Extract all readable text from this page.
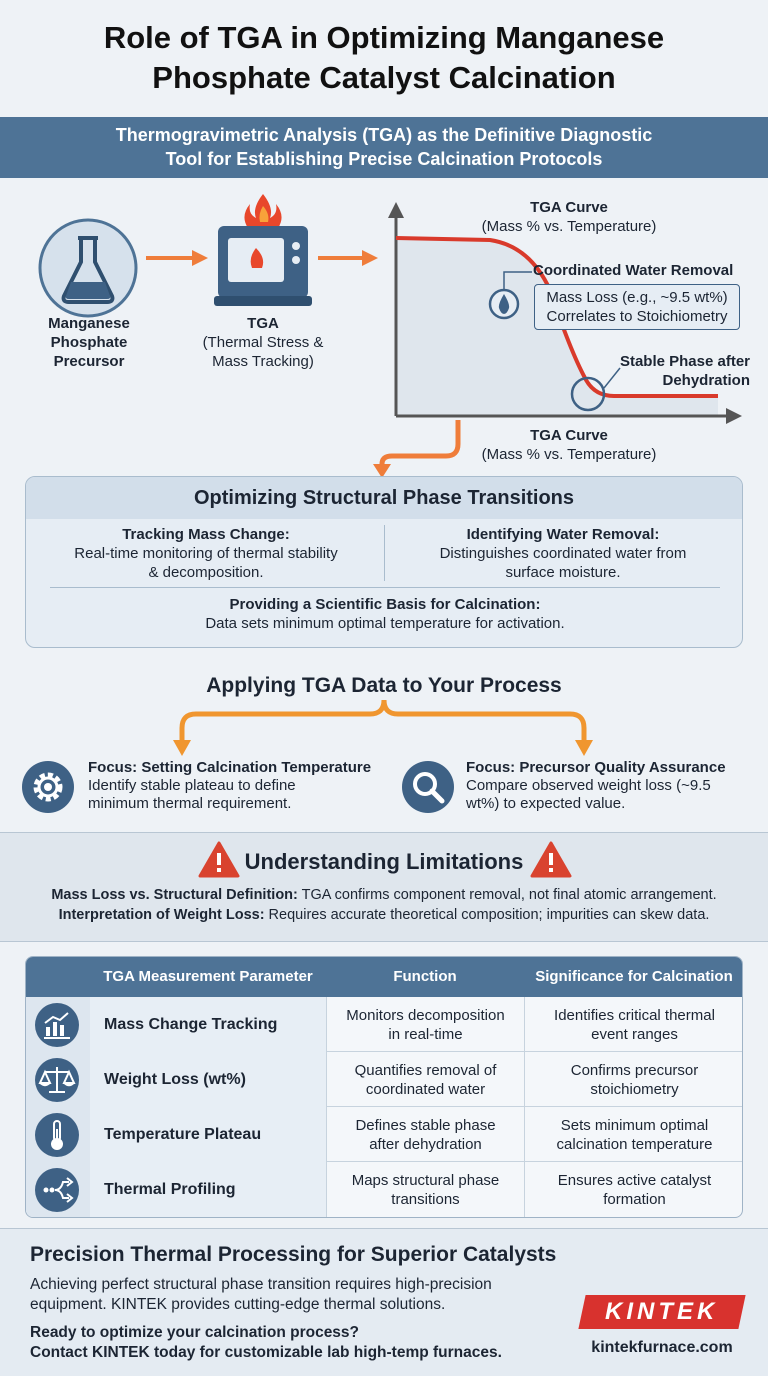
Role of TGA in Optimizing Manganese
Phosphate Catalyst Calcination
Thermogravimetric Analysis (TGA) as the Definitive Diagnostic
Tool for Establishing Precise Calcination Protocols
Manganese
Phosphate
Precursor
TGA
(Thermal Stress &
Mass Tracking)
TGA Curve
(Mass % vs. Temperature)
Coordinated Water Removal
Mass Loss (e.g., ~9.5 wt%)
Correlates to Stoichiometry
Stable Phase after
Dehydration
TGA Curve
(Mass % vs. Temperature)
Optimizing Structural Phase Transitions
Tracking Mass Change:
Real-time monitoring of thermal stability
& decomposition.
Identifying Water Removal:
Distinguishes coordinated water from
surface moisture.
Providing a Scientific Basis for Calcination:
Data sets minimum optimal temperature for activation.
Applying TGA Data to Your Process
Focus: Setting Calcination Temperature
Identify stable plateau to define
minimum thermal requirement.
Focus: Precursor Quality Assurance
Compare observed weight loss (~9.5
wt%) to expected value.
Understanding Limitations
Mass Loss vs. Structural Definition: TGA confirms component removal, not final atomic arrangement.
Interpretation of Weight Loss: Requires accurate theoretical composition; impurities can skew data.
TGA Measurement Parameter	Function	Significance for Calcination
Mass Change Tracking
Monitors decomposition
in real-time
Identifies critical thermal
event ranges
Weight Loss (wt%)
Quantifies removal of
coordinated water
Confirms precursor
stoichiometry
Temperature Plateau
Defines stable phase
after dehydration
Sets minimum optimal
calcination temperature
Thermal Profiling
Maps structural phase
transitions
Ensures active catalyst
formation
Precision Thermal Processing for Superior Catalysts
Achieving perfect structural phase transition requires high-precision
equipment. KINTEK provides cutting-edge thermal solutions.
Ready to optimize your calcination process?
Contact KINTEK today for customizable lab high-temp furnaces.
KINTEK
kintekfurnace.com
